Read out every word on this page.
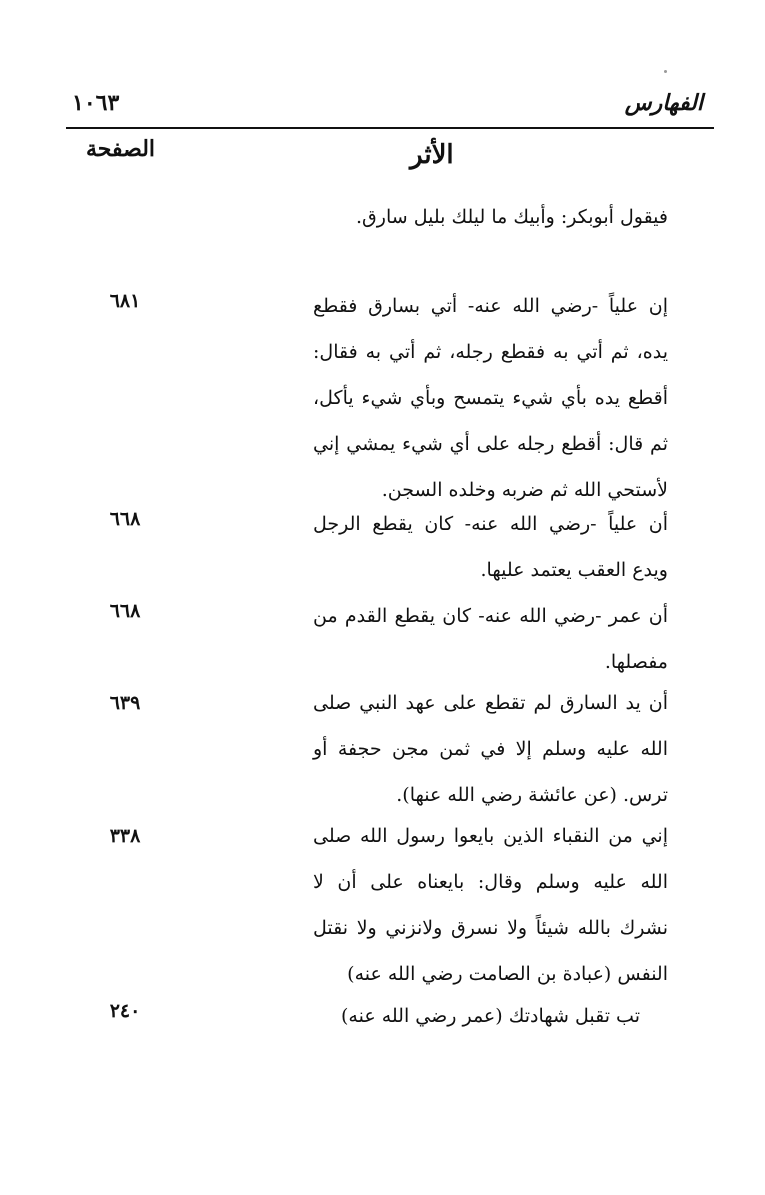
الفهارس
١٠٦٣
الأثر
الصفحة
فيقول أبوبكر: وأبيك ما ليلك بليل سارق.
إن علياً -رضي الله عنه- أتي بسارق فقطع يده، ثم أتي به فقطع رجله، ثم أتي به فقال: أقطع يده بأي شيء يتمسح وبأي شيء يأكل، ثم قال: أقطع رجله على أي شيء يمشي إني لأستحي الله ثم ضربه وخلده السجن.
٦٨١
أن علياً -رضي الله عنه- كان يقطع الرجل ويدع العقب يعتمد عليها.
٦٦٨
أن عمر -رضي الله عنه- كان يقطع القدم من مفصلها.
٦٦٨
أن يد السارق لم تقطع على عهد النبي صلى الله عليه وسلم إلا في ثمن مجن حجفة أو ترس. (عن عائشة رضي الله عنها).
٦٣٩
إني من النقباء الذين بايعوا رسول الله صلى الله عليه وسلم وقال: بايعناه على أن لا نشرك بالله شيئاً ولا نسرق ولانزني ولا نقتل النفس (عبادة بن الصامت رضي الله عنه)
٣٣٨
تب تقبل شهادتك (عمر رضي الله عنه)
٢٤٠
